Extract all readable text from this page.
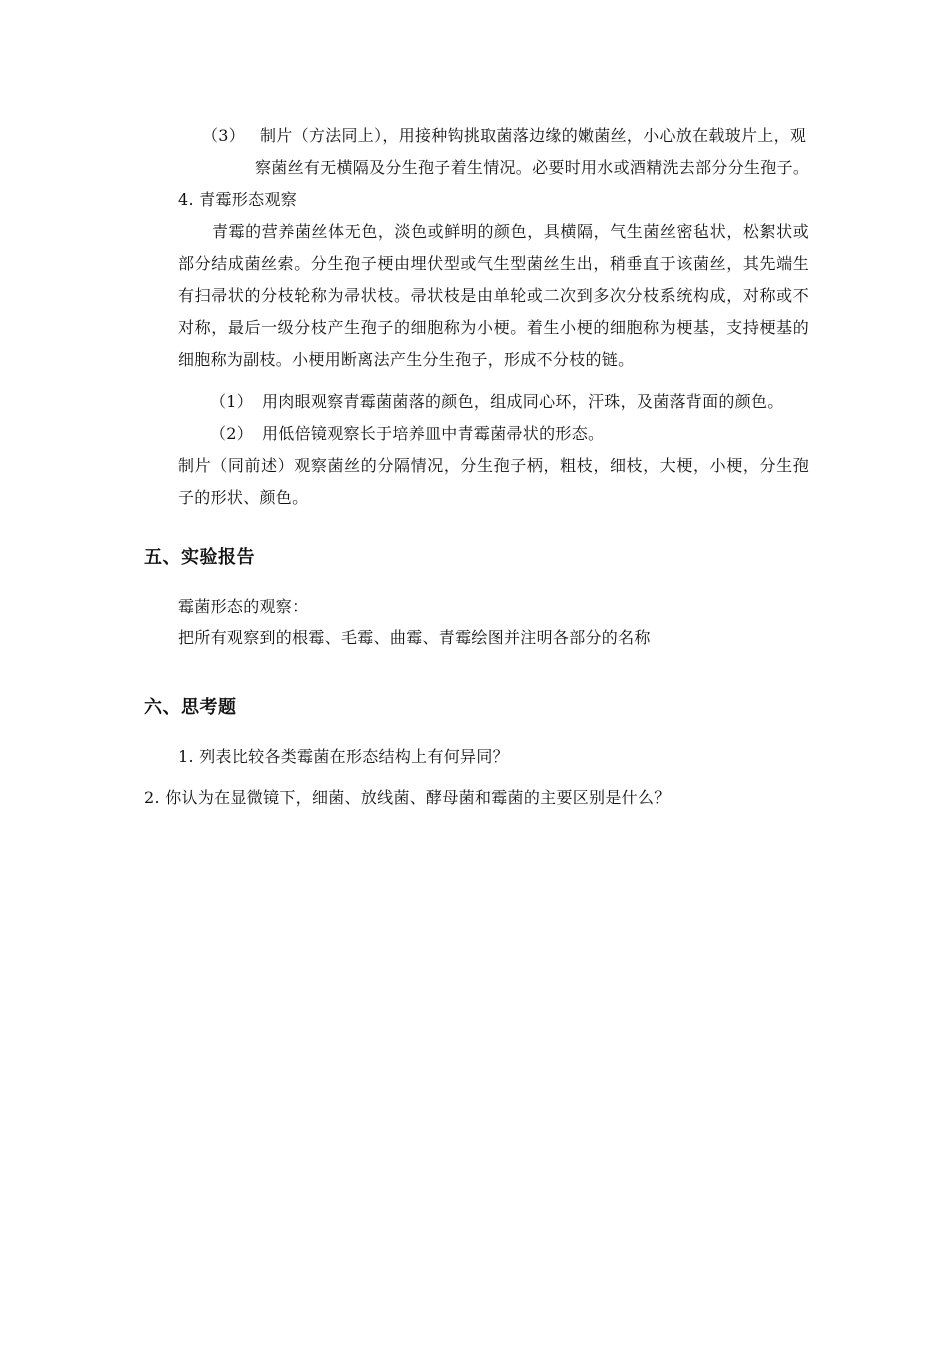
（3） 制片（方法同上），用接种钩挑取菌落边缘的嫩菌丝，小心放在载玻片上，观
察菌丝有无横隔及分生孢子着生情况。必要时用水或酒精洗去部分分生孢子。
4. 青霉形态观察
青霉的营养菌丝体无色，淡色或鲜明的颜色，具横隔，气生菌丝密毡状，松絮状或
部分结成菌丝索。分生孢子梗由埋伏型或气生型菌丝生出，稍垂直于该菌丝，其先端生
有扫帚状的分枝轮称为帚状枝。帚状枝是由单轮或二次到多次分枝系统构成，对称或不
对称，最后一级分枝产生孢子的细胞称为小梗。着生小梗的细胞称为梗基，支持梗基的
细胞称为副枝。小梗用断离法产生分生孢子，形成不分枝的链。
（1） 用肉眼观察青霉菌菌落的颜色，组成同心环，汗珠，及菌落背面的颜色。
（2） 用低倍镜观察长于培养皿中青霉菌帚状的形态。
制片（同前述）观察菌丝的分隔情况，分生孢子柄，粗枝，细枝，大梗，小梗，分生孢
子的形状、颜色。
五、实验报告
霉菌形态的观察：
把所有观察到的根霉、毛霉、曲霉、青霉绘图并注明各部分的名称
六、思考题
1. 列表比较各类霉菌在形态结构上有何异同？
2. 你认为在显微镜下，细菌、放线菌、酵母菌和霉菌的主要区别是什么？
